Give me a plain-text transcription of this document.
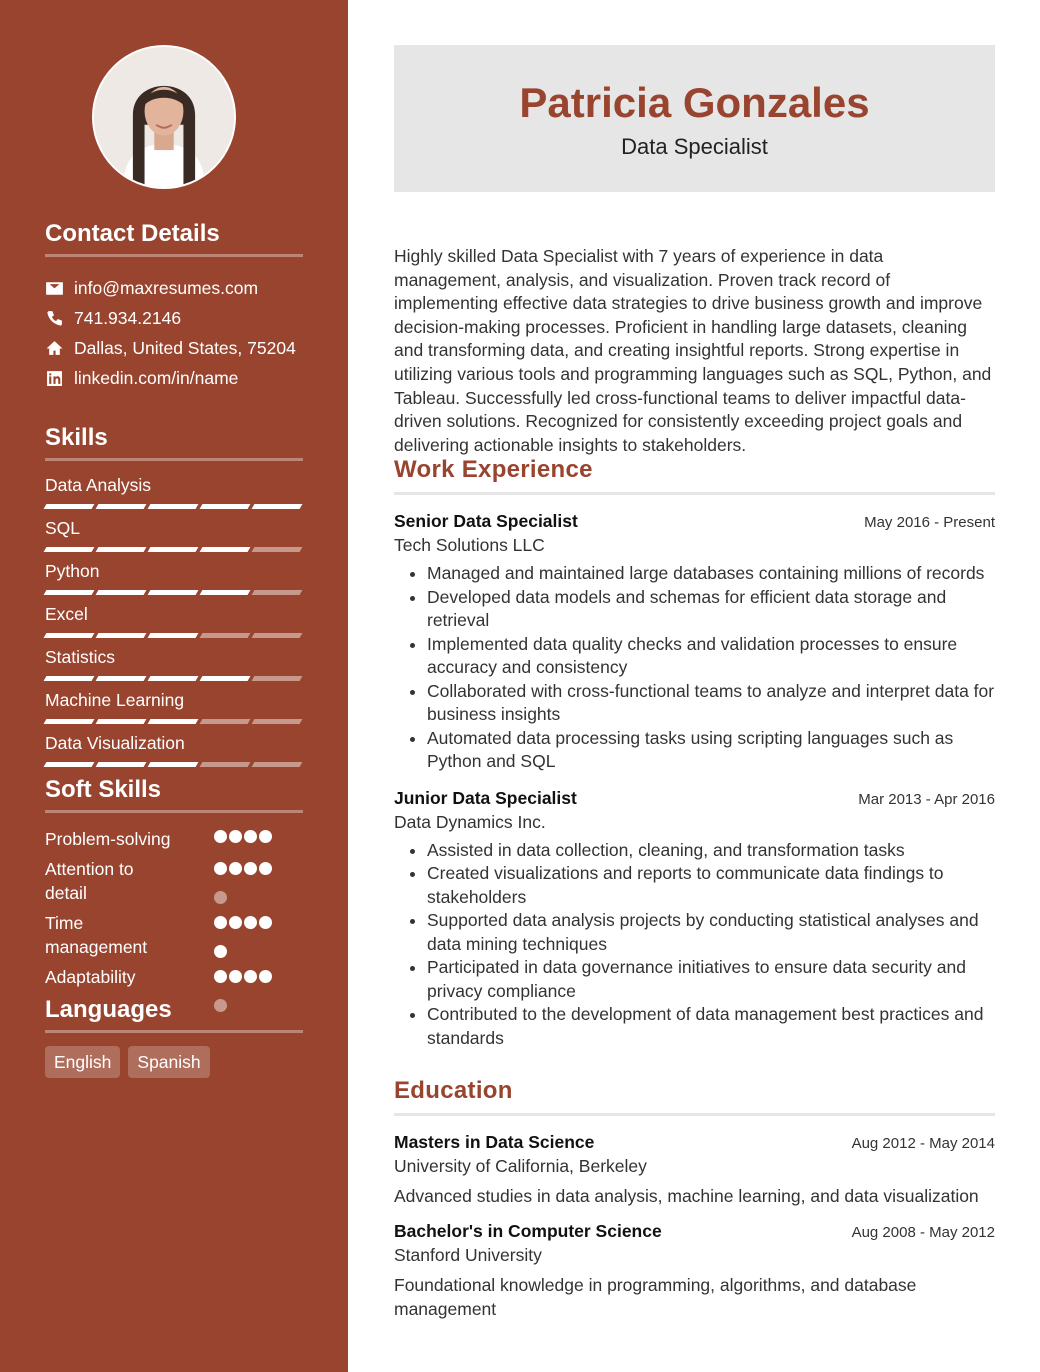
Contact Details
info@maxresumes.com
741.934.2146
Dallas, United States, 75204
linkedin.com/in/name
Skills
Data Analysis
SQL
Python
Excel
Statistics
Machine Learning
Data Visualization
Soft Skills
Problem-solving
Attention to detail

Time management

Adaptability

Languages
English	Spanish
Patricia Gonzales
Data Specialist

Highly skilled Data Specialist with 7 years of experience in data management, analysis, and visualization. Proven track record of implementing effective data strategies to drive business growth and improve decision-making processes. Proficient in handling large datasets, cleaning and transforming data, and creating insightful reports. Strong expertise in utilizing various tools and programming languages such as SQL, Python, and Tableau. Successfully led cross-functional teams to deliver impactful data-driven solutions. Recognized for consistently exceeding project goals and delivering actionable insights to stakeholders.

Work Experience
Senior Data Specialist	May 2016 - Present
Tech Solutions LLC
• Managed and maintained large databases containing millions of records
• Developed data models and schemas for efficient data storage and retrieval
• Implemented data quality checks and validation processes to ensure accuracy and consistency
• Collaborated with cross-functional teams to analyze and interpret data for business insights
• Automated data processing tasks using scripting languages such as Python and SQL
Junior Data Specialist	Mar 2013 - Apr 2016
Data Dynamics Inc.
• Assisted in data collection, cleaning, and transformation tasks
• Created visualizations and reports to communicate data findings to stakeholders
• Supported data analysis projects by conducting statistical analyses and data mining techniques
• Participated in data governance initiatives to ensure data security and privacy compliance
• Contributed to the development of data management best practices and standards
Education
Masters in Data Science	Aug 2012 - May 2014
University of California, Berkeley

Advanced studies in data analysis, machine learning, and data visualization

Bachelor's in Computer Science	Aug 2008 - May 2012
Stanford University

Foundational knowledge in programming, algorithms, and database management
